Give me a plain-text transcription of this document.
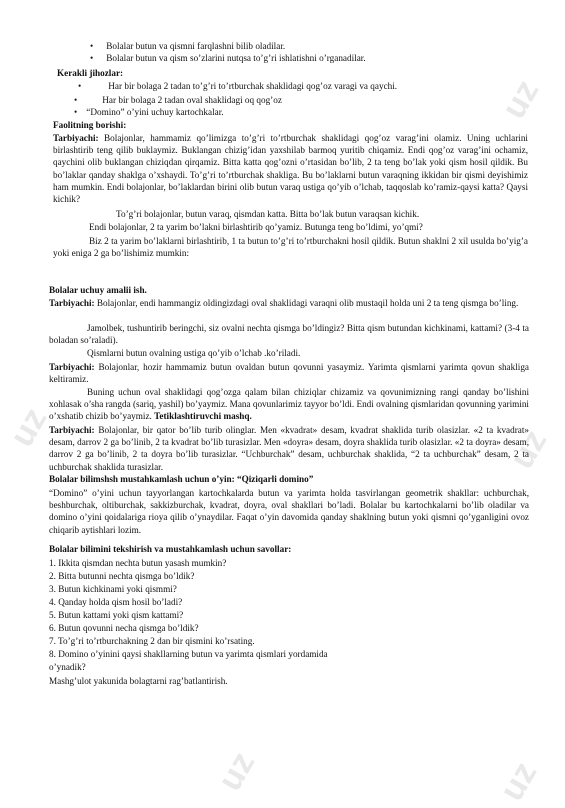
uz
uz	uz
uz	uz
• Bolalar butun va qismni farqlashni bilib oladilar.
• Bolalar butun va qism so’zlarini nutqsa to’g’ri ishlatishni o’rganadilar.
Kerakli jihozlar:
•	Har bir bolaga 2 tadan to’g’ri to’rtburchak shaklidagi qog’oz varagi va qaychi.
•	Har bir bolaga 2 tadan oval shaklidagi oq qog’oz
• “Domino” o’yini uchuy kartochkalar.
Faolitning borishi:
Tarbiyachi: Bolajonlar, hammamiz qo’limizga to’g’ri to’rtburchak shaklidagi qog’oz varag’ini olamiz. Uning uchlarini birlashtirib teng qilib buklaymiz. Buklangan chizig’idan yaxshilab barmoq yuritib chiqamiz. Endi qog’oz varag’ini ochamiz, qaychini olib buklangan chiziqdan qirqamiz. Bitta katta qog’ozni o’rtasidan bo’lib, 2 ta teng bo’lak yoki qism hosil qildik. Bu bo’laklar qanday shaklga o’xshaydi. To’g’ri to’rtburchak shakliga. Bu bo’laklarni butun varaqning ikkidan bir qismi deyishimiz ham mumkin. Endi bolajonlar, bo’laklardan birini olib butun varaq ustiga qo’yib o’lchab, taqqoslab ko’ramiz-qaysi katta? Qaysi kichik?
To’g’ri bolajonlar, butun varaq, qismdan katta. Bitta bo’lak butun varaqsan kichik.
Endi bolajonlar, 2 ta yarim bo’lakni birlashtirib qo’yamiz. Butunga teng bo’ldimi, yo’qmi?
Biz 2 ta yarim bo’laklarni birlashtirib, 1 ta butun to’g’ri to’rtburchakni hosil qildik. Butun shaklni 2 xil usulda bo’yig’a yoki eniga 2 ga bo’lishimiz mumkin:
Bolalar uchuy amalii ish.
Tarbiyachi: Bolajonlar, endi hammangiz oldingizdagi oval shaklidagi varaqni olib mustaqil holda uni 2 ta teng qismga bo’ling.
Jamolbek, tushuntirib beringchi, siz ovalni nechta qismga bo’ldingiz? Bitta qism butundan kichkinami, kattami? (3-4 ta boladan so’raladi).
Qismlarni butun ovalning ustiga qo’yib o’lchab .ko’riladi.
Tarbiyachi: Bolajonlar, hozir hammamiz butun ovaldan butun qovunni yasaymiz. Yarimta qismlarni yarimta qovun shakliga keltiramiz.
Buning uchun oval shaklidagi qog’ozga qalam bilan chiziqlar chizamiz va qovunimizning rangi qanday bo’lishini xohlasak o’sha rangda (sariq, yashil) bo’yaymiz. Mana qovunlarimiz tayyor bo’ldi. Endi ovalning qismlaridan qovunning yarimini o’xshatib chizib bo’yaymiz. Tetiklashtiruvchi mashq.
Tarbiyachi: Bolajonlar, bir qator bo’lib turib olinglar. Men «kvadrat» desam, kvadrat shaklida turib olasizlar. «2 ta kvadrat» desam, darrov 2 ga bo’linib, 2 ta kvadrat bo’lib turasizlar. Men «doyra» desam, doyra shaklida turib olasizlar. «2 ta doyra» desam, darrov 2 ga bo’linib, 2 ta doyra bo’lib turasizlar. “Uchburchak” desam, uchburchak shaklida, “2 ta uchburchak” desam, 2 ta uchburchak shaklida turasizlar.
Bolalar bilimshsh mustahkamlash uchun o’yin: “Qiziqarli domino”
“Domino” o’yini uchun tayyorlangan kartochkalarda butun va yarimta holda tasvirlangan geometrik shakllar: uchburchak, beshburchak, oltiburchak, sakkizburchak, kvadrat, doyra, oval shakllari bo’ladi. Bolalar bu kartochkalarni bo’lib oladilar va domino o’yini qoidalariga rioya qilib o’ynaydilar. Faqat o’yin davomida qanday shaklning butun yoki qismni qo’yganligini ovoz chiqarib aytishlari lozim.
Bolalar bilimini tekshirish va mustahkamlash uchun savollar:
1. Ikkita qismdan nechta butun yasash mumkin?
2. Bitta butunni nechta qismga bo’ldik?
3. Butun kichkinami yoki qismmi?
4. Qanday holda qism hosil bo’ladi?
5. Butun kattami yoki qism kattami?
6. Butun qovunni necha qismga bo’ldik?
7. To’g’ri to’rtburchakning 2 dan bir qismini ko’rsating.
8. Domino o’yinini qaysi shakllarning butun va yarimta qismlari yordamida
o’ynadik?
Mashg’ulot yakunida bolagtarni rag’batlantirish.
